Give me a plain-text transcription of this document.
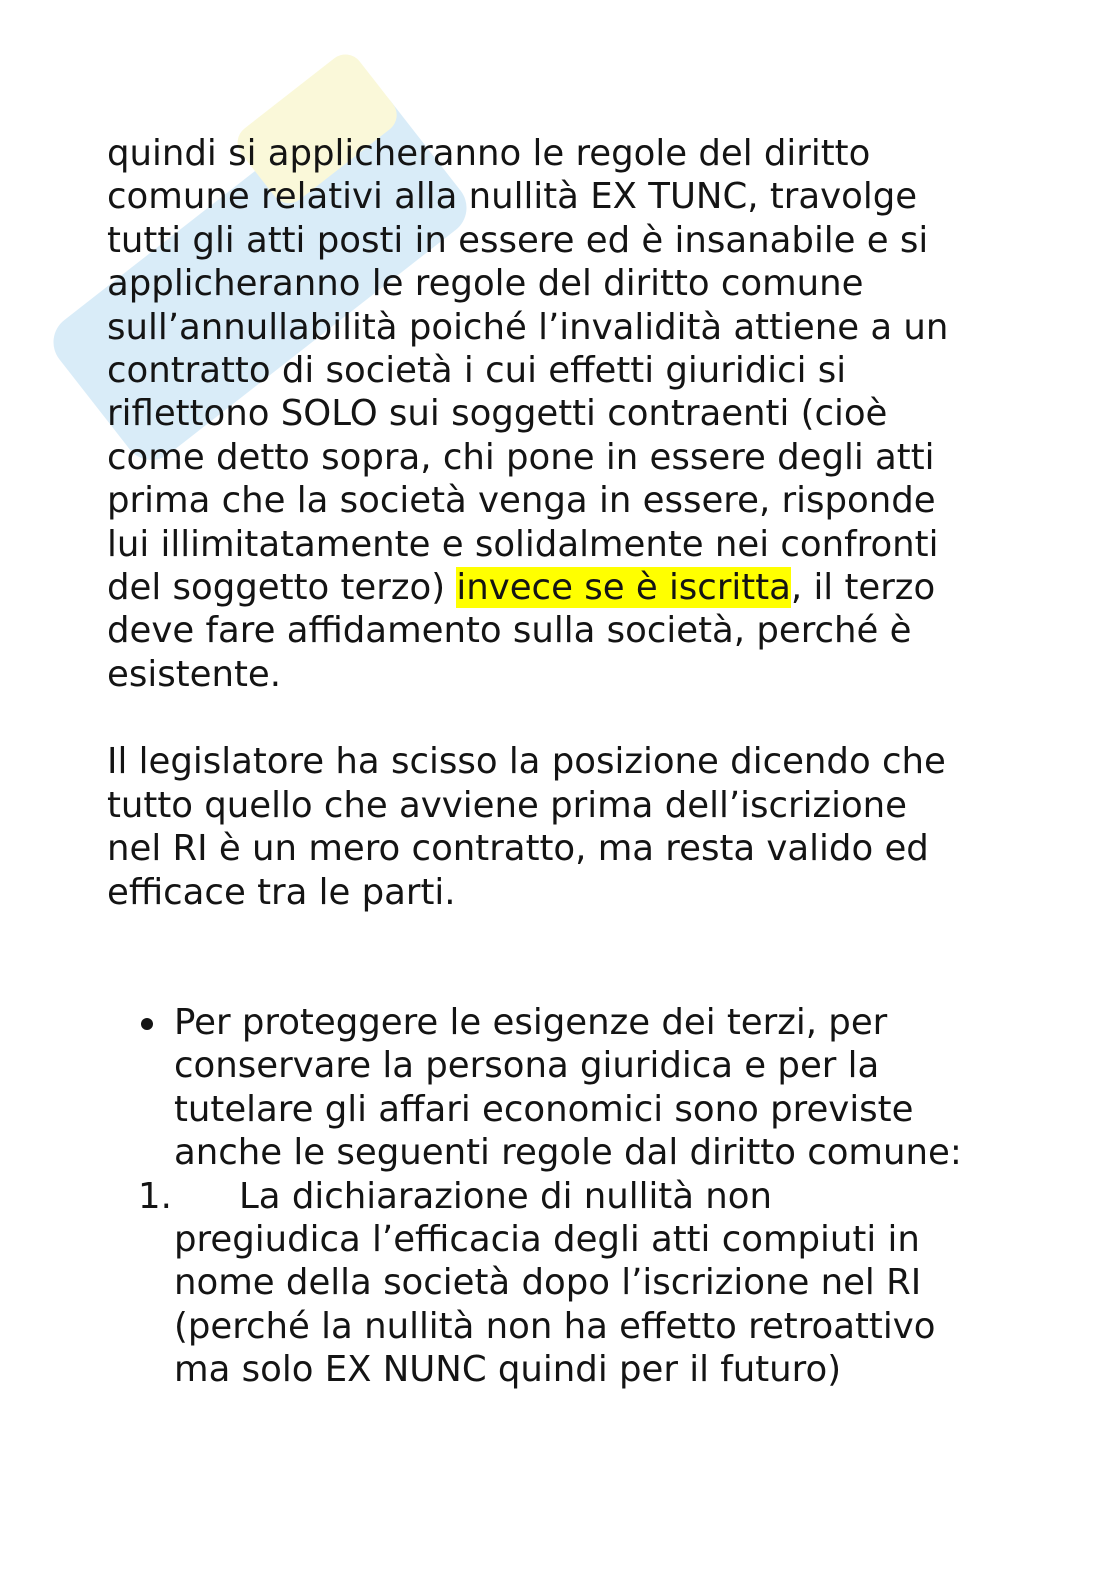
quindi si applicheranno le regole del diritto
comune relativi alla nullità EX TUNC, travolge
tutti gli atti posti in essere ed è insanabile e si
applicheranno le regole del diritto comune
sull’annullabilità poiché l’invalidità attiene a un
contratto di società i cui effetti giuridici si
riflettono SOLO sui soggetti contraenti (cioè
come detto sopra, chi pone in essere degli atti
prima che la società venga in essere, risponde
lui illimitatamente e solidalmente nei confronti
del soggetto terzo) invece se è iscritta, il terzo
deve fare affidamento sulla società, perché è
esistente.

Il legislatore ha scisso la posizione dicendo che
tutto quello che avviene prima dell’iscrizione
nel RI è un mero contratto, ma resta valido ed
efficace tra le parti.

Per proteggere le esigenze dei terzi, per
conservare la persona giuridica e per la
tutelare gli affari economici sono previste
anche le seguenti regole dal diritto comune:
1.	La dichiarazione di nullità non
pregiudica l’efficacia degli atti compiuti in
nome della società dopo l’iscrizione nel RI
(perché la nullità non ha effetto retroattivo
ma solo EX NUNC quindi per il futuro)
